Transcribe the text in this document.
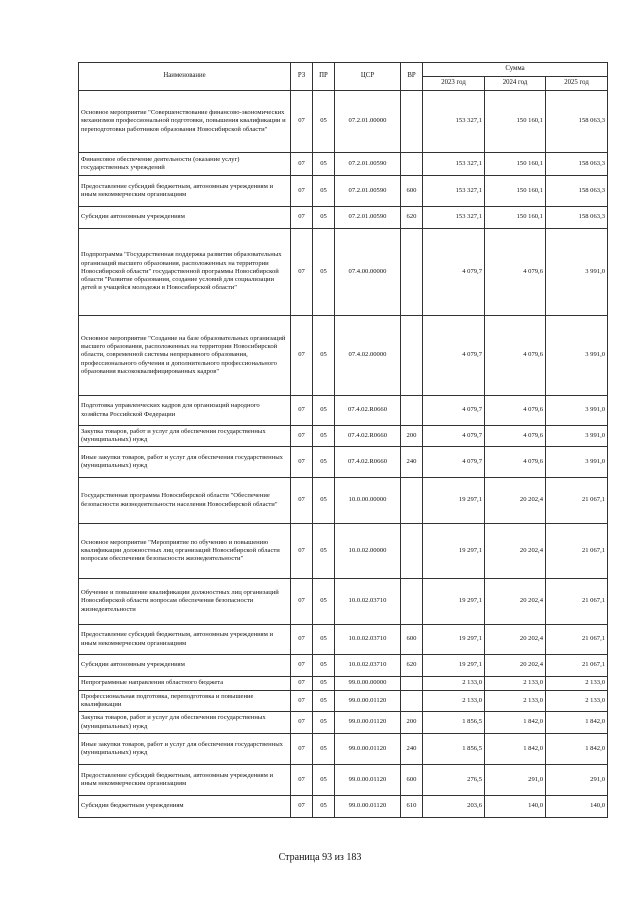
Наименование	РЗ	ПР	ЦСР	ВР	Сумма		
					2023 год	2024 год	2025 год
Основное мероприятие "Совершенствование финансово-экономических механизмов профессиональной подготовки, повышения квалификации и переподготовки работников образования Новосибирской области"	07	05	07.2.01.00000		153 327,1	150 160,1	158 063,3
Финансовое обеспечение деятельности (оказание услуг) государственных учреждений	07	05	07.2.01.00590		153 327,1	150 160,1	158 063,3
Предоставление субсидий бюджетным, автономным учреждениям и иным некоммерческим организациям	07	05	07.2.01.00590	600	153 327,1	150 160,1	158 063,3
Субсидии автономным учреждениям	07	05	07.2.01.00590	620	153 327,1	150 160,1	158 063,3
Подпрограмма "Государственная поддержка развития образовательных организаций высшего образования, расположенных на территории Новосибирской области" государственной программы Новосибирской области "Развитие образования, создание условий для социализации детей и учащейся молодежи в Новосибирской области"	07	05	07.4.00.00000		4 079,7	4 079,6	3 991,0
Основное мероприятие "Создание на базе образовательных организаций высшего образования, расположенных на территории Новосибирской области, современной системы непрерывного образования, профессионального обучения и дополнительного профессионального образования высококвалифицированных кадров"	07	05	07.4.02.00000		4 079,7	4 079,6	3 991,0
Подготовка управленческих кадров для организаций народного хозяйства Российской Федерации	07	05	07.4.02.R0660		4 079,7	4 079,6	3 991,0
Закупка товаров, работ и услуг для обеспечения государственных (муниципальных) нужд	07	05	07.4.02.R0660	200	4 079,7	4 079,6	3 991,0
Иные закупки товаров, работ и услуг для обеспечения государственных (муниципальных) нужд	07	05	07.4.02.R0660	240	4 079,7	4 079,6	3 991,0
Государственная программа Новосибирской области "Обеспечение безопасности жизнедеятельности населения Новосибирской области"	07	05	10.0.00.00000		19 297,1	20 202,4	21 067,1
Основное мероприятие "Мероприятие по обучению и повышению квалификации должностных лиц организаций Новосибирской области вопросам обеспечения безопасности жизнедеятельности"	07	05	10.0.02.00000		19 297,1	20 202,4	21 067,1
Обучение и повышение квалификации должностных лиц организаций Новосибирской области вопросам обеспечения безопасности жизнедеятельности	07	05	10.0.02.03710		19 297,1	20 202,4	21 067,1
Предоставление субсидий бюджетным, автономным учреждениям и иным некоммерческим организациям	07	05	10.0.02.03710	600	19 297,1	20 202,4	21 067,1
Субсидии автономным учреждениям	07	05	10.0.02.03710	620	19 297,1	20 202,4	21 067,1
Непрограммные направления областного бюджета	07	05	99.0.00.00000		2 133,0	2 133,0	2 133,0
Профессиональная подготовка, переподготовка и повышение квалификации	07	05	99.0.00.01120		2 133,0	2 133,0	2 133,0
Закупка товаров, работ и услуг для обеспечения государственных (муниципальных) нужд	07	05	99.0.00.01120	200	1 856,5	1 842,0	1 842,0
Иные закупки товаров, работ и услуг для обеспечения государственных (муниципальных) нужд	07	05	99.0.00.01120	240	1 856,5	1 842,0	1 842,0
Предоставление субсидий бюджетным, автономным учреждениям и иным некоммерческим организациям	07	05	99.0.00.01120	600	276,5	291,0	291,0
Субсидии бюджетным учреждениям	07	05	99.0.00.01120	610	203,6	140,0	140,0
Страница 93 из 183
